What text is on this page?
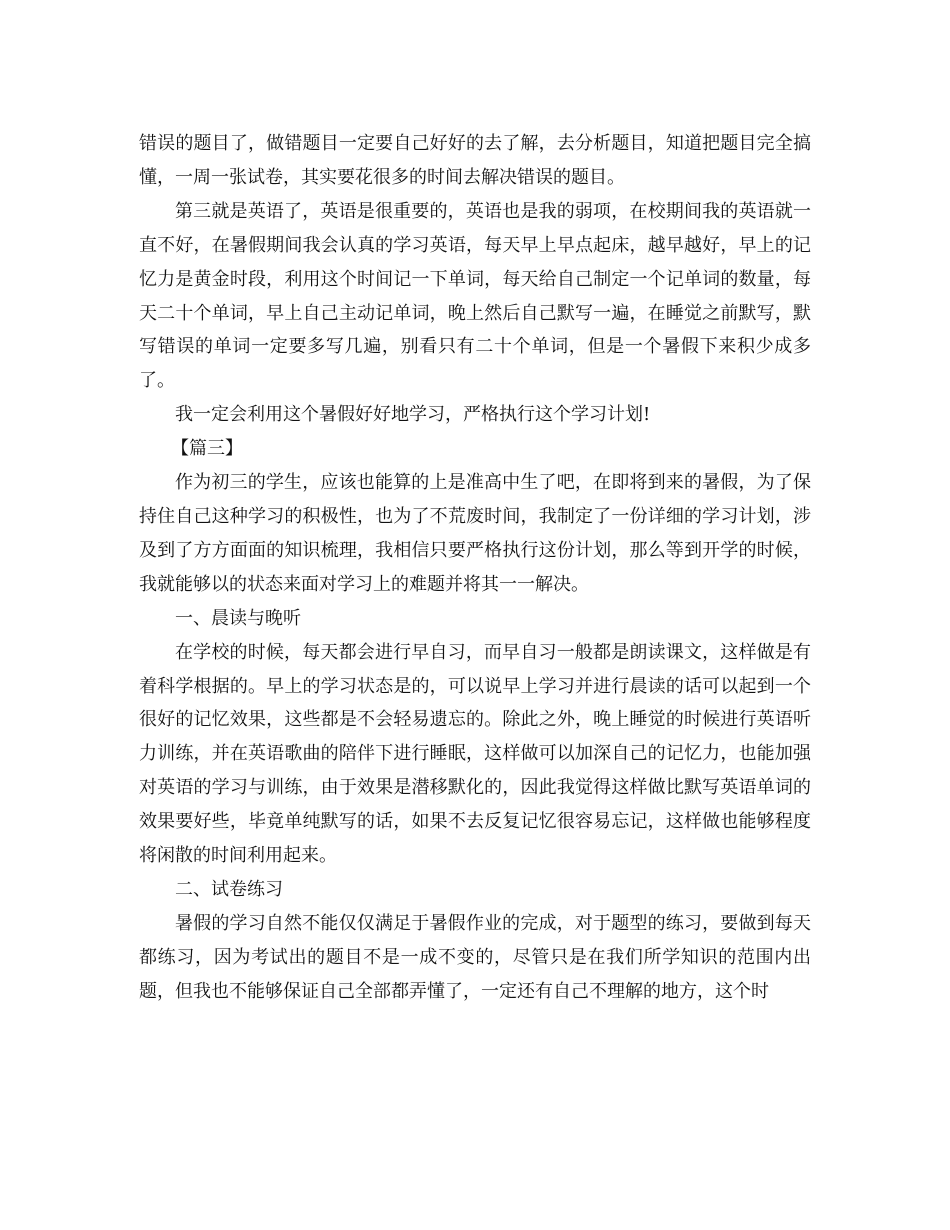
错误的题目了，做错题目一定要自己好好的去了解，去分析题目，知道把题目完全搞懂，一周一张试卷，其实要花很多的时间去解决错误的题目。

第三就是英语了，英语是很重要的，英语也是我的弱项，在校期间我的英语就一直不好，在暑假期间我会认真的学习英语，每天早上早点起床，越早越好，早上的记忆力是黄金时段，利用这个时间记一下单词，每天给自己制定一个记单词的数量，每天二十个单词，早上自己主动记单词，晚上然后自己默写一遍，在睡觉之前默写，默写错误的单词一定要多写几遍，别看只有二十个单词，但是一个暑假下来积少成多了。

我一定会利用这个暑假好好地学习，严格执行这个学习计划!

【篇三】

作为初三的学生，应该也能算的上是准高中生了吧，在即将到来的暑假，为了保持住自己这种学习的积极性，也为了不荒废时间，我制定了一份详细的学习计划，涉及到了方方面面的知识梳理，我相信只要严格执行这份计划，那么等到开学的时候，我就能够以的状态来面对学习上的难题并将其一一解决。

一、晨读与晚听

在学校的时候，每天都会进行早自习，而早自习一般都是朗读课文，这样做是有着科学根据的。早上的学习状态是的，可以说早上学习并进行晨读的话可以起到一个很好的记忆效果，这些都是不会轻易遗忘的。除此之外，晚上睡觉的时候进行英语听力训练，并在英语歌曲的陪伴下进行睡眠，这样做可以加深自己的记忆力，也能加强对英语的学习与训练，由于效果是潜移默化的，因此我觉得这样做比默写英语单词的效果要好些，毕竟单纯默写的话，如果不去反复记忆很容易忘记，这样做也能够程度将闲散的时间利用起来。

二、试卷练习

暑假的学习自然不能仅仅满足于暑假作业的完成，对于题型的练习，要做到每天都练习，因为考试出的题目不是一成不变的，尽管只是在我们所学知识的范围内出题，但我也不能够保证自己全部都弄懂了，一定还有自己不理解的地方，这个时
